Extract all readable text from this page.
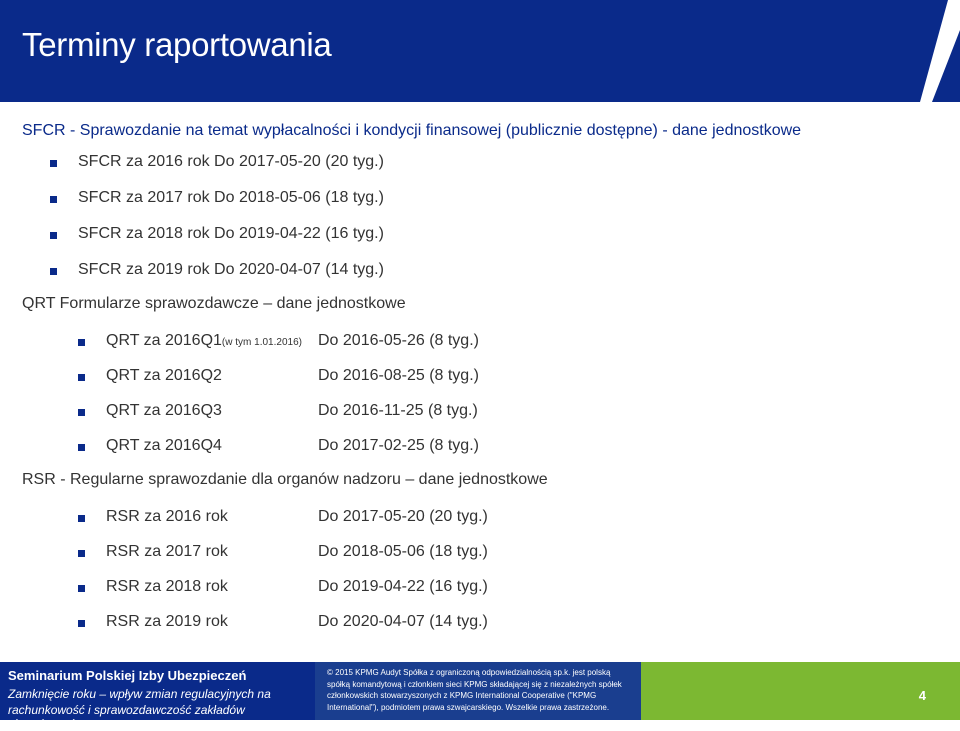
Terminy raportowania
SFCR - Sprawozdanie na temat wypłacalności i kondycji finansowej (publicznie dostępne) - dane jednostkowe
SFCR za 2016 rok Do 2017-05-20 (20 tyg.)
SFCR za 2017 rok Do 2018-05-06 (18 tyg.)
SFCR za 2018 rok Do 2019-04-22 (16 tyg.)
SFCR za 2019 rok Do 2020-04-07 (14 tyg.)
QRT Formularze sprawozdawcze – dane jednostkowe
QRT za 2016Q1(w tym 1.01.2016) Do 2016-05-26 (8 tyg.)
QRT za 2016Q2	Do 2016-08-25 (8 tyg.)
QRT za 2016Q3	Do 2016-11-25 (8 tyg.)
QRT za 2016Q4	Do 2017-02-25 (8 tyg.)
RSR - Regularne sprawozdanie dla organów nadzoru – dane jednostkowe
RSR za 2016 rok	Do 2017-05-20 (20 tyg.)
RSR za 2017 rok	Do 2018-05-06 (18 tyg.)
RSR za 2018 rok	Do 2019-04-22 (16 tyg.)
RSR za 2019 rok	Do 2020-04-07 (14 tyg.)
Seminarium Polskiej Izby Ubezpieczeń
Zamknięcie roku – wpływ zmian regulacyjnych na
rachunkowość i sprawozdawczość zakładów ubezpieczeń
© 2015 KPMG Audyt Spółka z ograniczoną odpowiedzialnością sp.k. jest polską spółką komandytową i członkiem sieci KPMG składającej się z niezależnych spółek członkowskich stowarzyszonych z KPMG International Cooperative ("KPMG International"), podmiotem prawa szwajcarskiego. Wszelkie prawa zastrzeżone.
4
